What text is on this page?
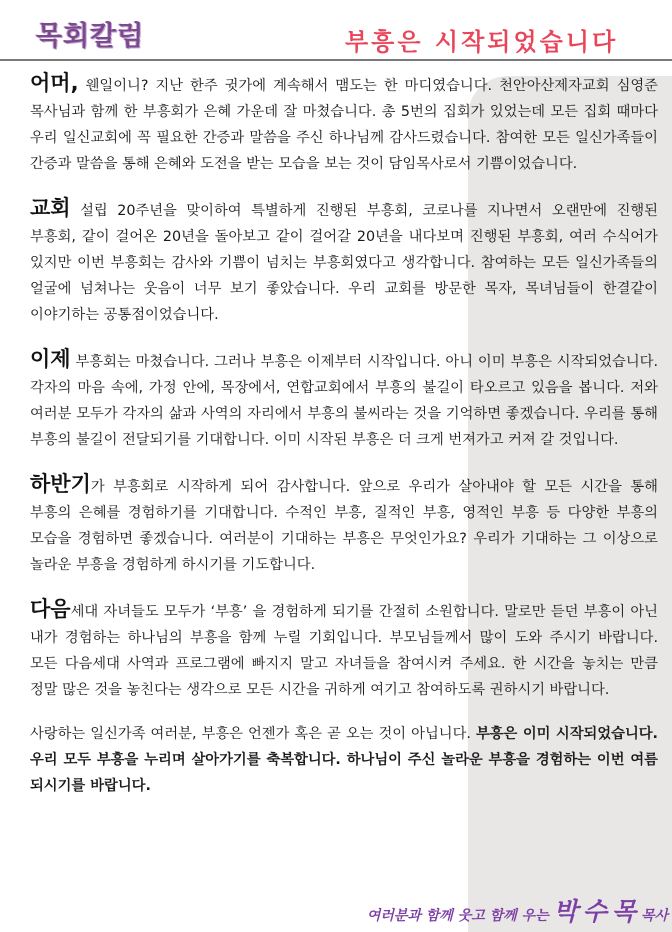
목회칼럼	부흥은 시작되었습니다

어머, 웬일이니? 지난 한주 귓가에 계속해서 맴도는 한 마디였습니다. 천안아산제자교회 심영준 목사님과 함께 한 부흥회가 은혜 가운데 잘 마쳤습니다. 총 5번의 집회가 있었는데 모든 집회 때마다 우리 일신교회에 꼭 필요한 간증과 말씀을 주신 하나님께 감사드렸습니다. 참여한 모든 일신가족들이 간증과 말씀을 통해 은혜와 도전을 받는 모습을 보는 것이 담임목사로서 기쁨이었습니다.

교회 설립 20주년을 맞이하여 특별하게 진행된 부흥회, 코로나를 지나면서 오랜만에 진행된 부흥회, 같이 걸어온 20년을 돌아보고 같이 걸어갈 20년을 내다보며 진행된 부흥회, 여러 수식어가 있지만 이번 부흥회는 감사와 기쁨이 넘치는 부흥회였다고 생각합니다. 참여하는 모든 일신가족들의 얼굴에 넘쳐나는 웃음이 너무 보기 좋았습니다. 우리 교회를 방문한 목자, 목녀님들이 한결같이 이야기하는 공통점이었습니다.

이제 부흥회는 마쳤습니다. 그러나 부흥은 이제부터 시작입니다. 아니 이미 부흥은 시작되었습니다. 각자의 마음 속에, 가정 안에, 목장에서, 연합교회에서 부흥의 불길이 타오르고 있음을 봅니다. 저와 여러분 모두가 각자의 삶과 사역의 자리에서 부흥의 불씨라는 것을 기억하면 좋겠습니다. 우리를 통해 부흥의 불길이 전달되기를 기대합니다. 이미 시작된 부흥은 더 크게 번져가고 커져 갈 것입니다.

하반기가 부흥회로 시작하게 되어 감사합니다. 앞으로 우리가 살아내야 할 모든 시간을 통해 부흥의 은혜를 경험하기를 기대합니다. 수적인 부흥, 질적인 부흥, 영적인 부흥 등 다양한 부흥의 모습을 경험하면 좋겠습니다. 여러분이 기대하는 부흥은 무엇인가요? 우리가 기대하는 그 이상으로 놀라운 부흥을 경험하게 하시기를 기도합니다.

다음세대 자녀들도 모두가 ‘부흥’ 을 경험하게 되기를 간절히 소원합니다. 말로만 듣던 부흥이 아닌 내가 경험하는 하나님의 부흥을 함께 누릴 기회입니다. 부모님들께서 많이 도와 주시기 바랍니다. 모든 다음세대 사역과 프로그램에 빠지지 말고 자녀들을 참여시켜 주세요. 한 시간을 놓치는 만큼 정말 많은 것을 놓친다는 생각으로 모든 시간을 귀하게 여기고 참여하도록 권하시기 바랍니다.

사랑하는 일신가족 여러분, 부흥은 언젠가 혹은 곧 오는 것이 아닙니다. 부흥은 이미 시작되었습니다. 우리 모두 부흥을 누리며 살아가기를 축복합니다. 하나님이 주신 놀라운 부흥을 경험하는 이번 여름 되시기를 바랍니다.

여러분과 함께 웃고 함께 우는 박수목목사
